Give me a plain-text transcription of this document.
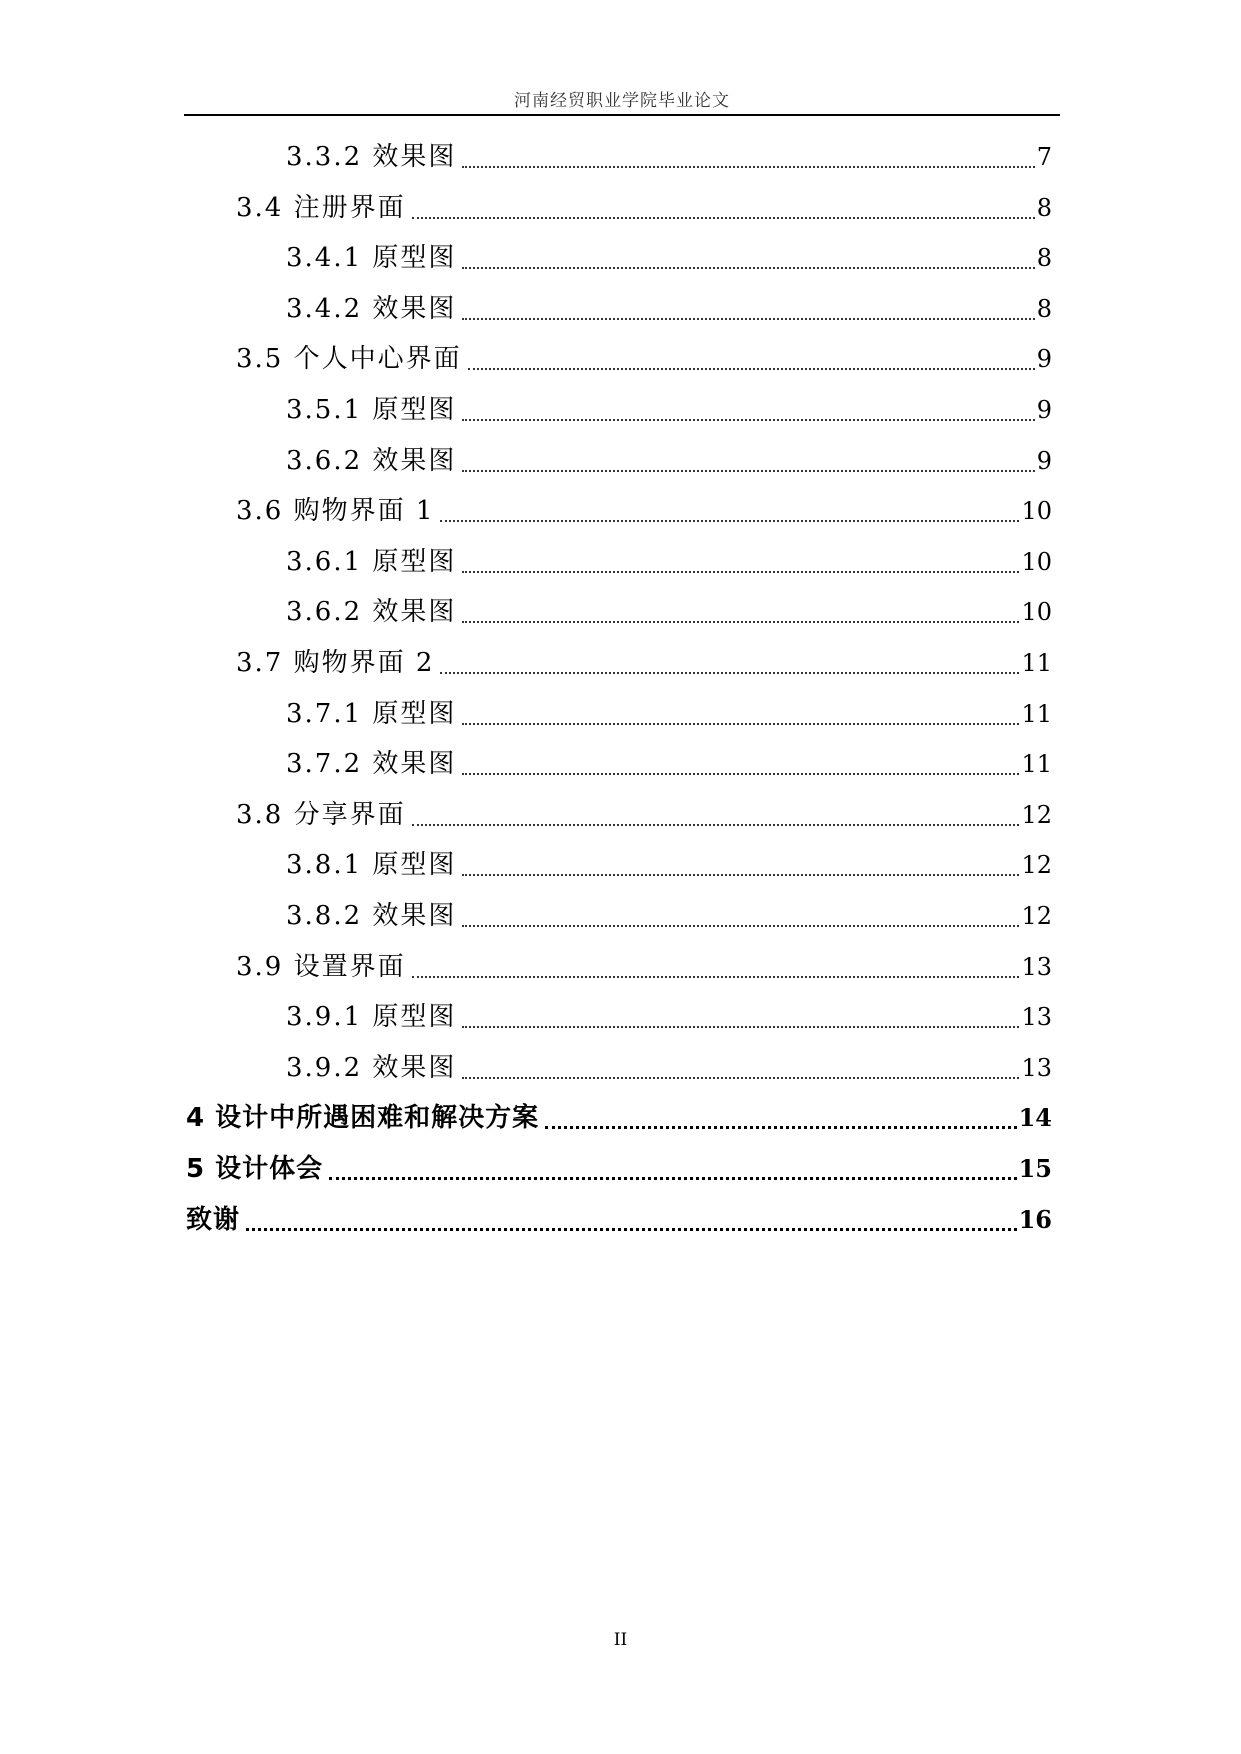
河南经贸职业学院毕业论文
3.3.2 效果图	7
3.4 注册界面	8
3.4.1 原型图	8
3.4.2 效果图	8
3.5 个人中心界面	9
3.5.1 原型图	9
3.6.2 效果图	9
3.6 购物界面 1	10
3.6.1 原型图	10
3.6.2 效果图	10
3.7 购物界面 2	11
3.7.1 原型图	11
3.7.2 效果图	11
3.8 分享界面	12
3.8.1 原型图	12
3.8.2 效果图	12
3.9 设置界面	13
3.9.1 原型图	13
3.9.2 效果图	13
4 设计中所遇困难和解决方案	14
5 设计体会	15
致谢	16
II
